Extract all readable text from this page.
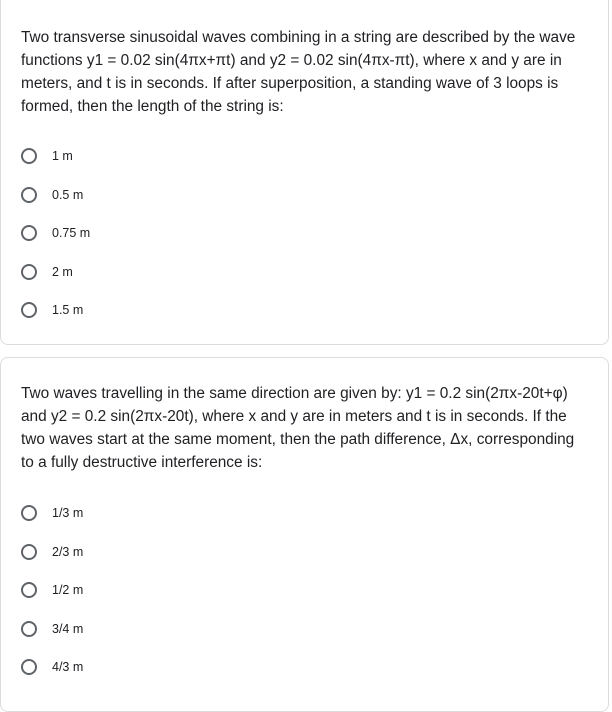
Two transverse sinusoidal waves combining in a string are described by the wave functions y1 = 0.02 sin(4πx+πt) and y2 = 0.02 sin(4πx-πt), where x and y are in meters, and t is in seconds. If after superposition, a standing wave of 3 loops is formed, then the length of the string is:

1 m
0.5 m
0.75 m
2 m
1.5 m

Two waves travelling in the same direction are given by: y1 = 0.2 sin(2πx-20t+φ) and y2 = 0.2 sin(2πx-20t), where x and y are in meters and t is in seconds. If the two waves start at the same moment, then the path difference, Δx, corresponding to a fully destructive interference is:

1/3 m
2/3 m
1/2 m
3/4 m
4/3 m
